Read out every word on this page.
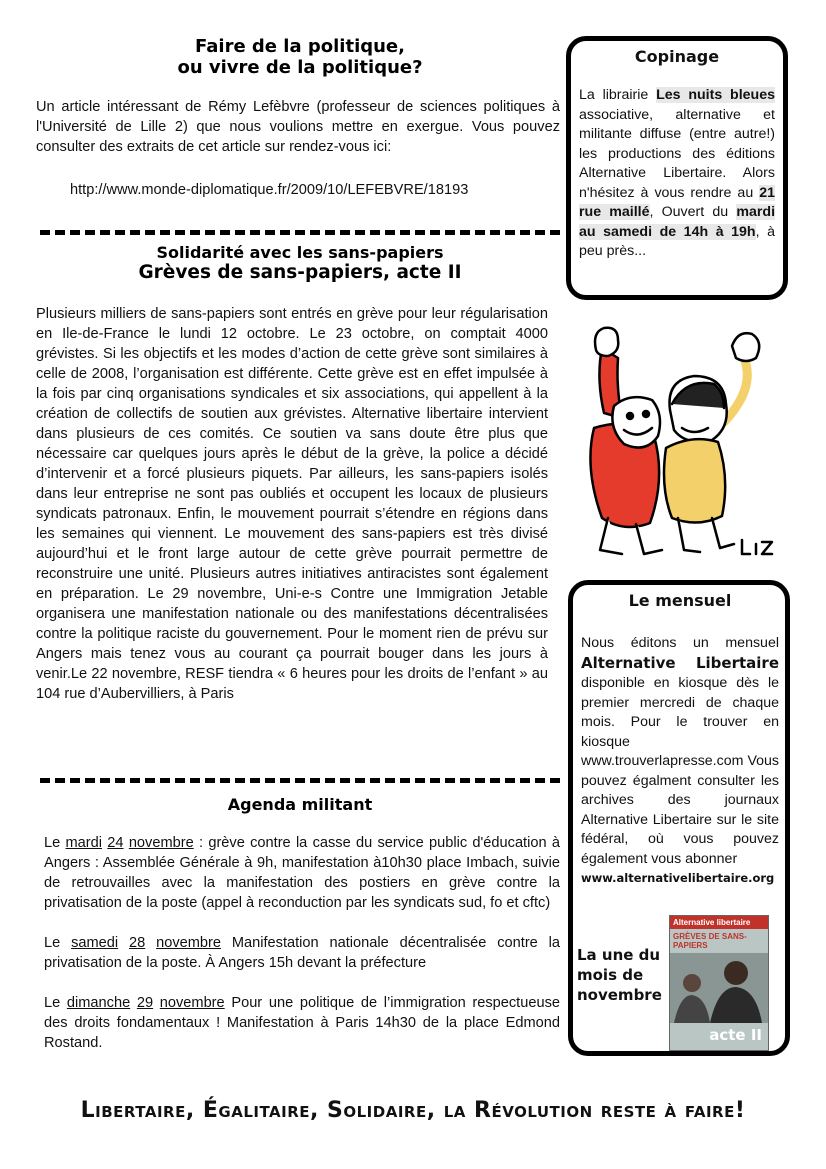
Faire de la politique,
ou vivre de la politique?
Un article intéressant de Rémy Lefèbvre (professeur de sciences politiques à l'Université de Lille 2) que nous voulions mettre en exergue. Vous pouvez consulter des extraits de cet article sur rendez-vous ici:
http://www.monde-diplomatique.fr/2009/10/LEFEBVRE/18193
Solidarité avec les sans-papiers
Grèves de sans-papiers, acte II
Plusieurs milliers de sans-papiers sont entrés en grève pour leur régularisation en Ile-de-France le lundi 12 octobre. Le 23 octobre, on comptait 4000 grévistes. Si les objectifs et les modes d’action de cette grève sont similaires à celle de 2008, l’organisation est différente. Cette grève est en effet impulsée à la fois par cinq organisations syndicales et six associations, qui appellent à la création de collectifs de soutien aux grévistes. Alternative libertaire intervient dans plusieurs de ces comités. Ce soutien va sans doute être plus que nécessaire car quelques jours après le début de la grève, la police a décidé d’intervenir et a forcé plusieurs piquets. Par ailleurs, les sans-papiers isolés dans leur entreprise ne sont pas oubliés et occupent les locaux de plusieurs syndicats patronaux. Enfin, le mouvement pourrait s’étendre en régions dans les semaines qui viennent. Le mouvement des sans-papiers est très divisé aujourd’hui et le front large autour de cette grève pourrait permettre de reconstruire une unité. Plusieurs autres initiatives antiracistes sont également en préparation. Le 29 novembre, Uni-e-s Contre une Immigration Jetable organisera une manifestation nationale ou des manifestations décentralisées contre la politique raciste du gouvernement. Pour le moment rien de prévu sur Angers mais tenez vous au courant ça pourrait bouger dans les jours à venir.Le 22 novembre, RESF tiendra « 6 heures pour les droits de l’enfant » au 104 rue d’Aubervilliers, à Paris
Agenda militant

Le mardi 24 novembre : grève contre la casse du service public d'éducation à Angers : Assemblée Générale à 9h, manifestation à10h30 place Imbach, suivie de retrouvailles avec la manifestation des postiers en grève contre la privatisation de la poste (appel à reconduction par les syndicats sud, fo et cftc)

Le samedi 28 novembre Manifestation nationale décentralisée contre la privatisation de la poste. À Angers 15h devant la préfecture

Le dimanche 29 novembre Pour une politique de l’immigration respectueuse des droits fondamentaux ! Manifestation à Paris 14h30 de la place Edmond Rostand.

Copinage
La librairie Les nuits bleues associative, alternative et militante diffuse (entre autre!) les productions des éditions Alternative Libertaire. Alors n'hésitez à vous rendre au 21 rue maillé, Ouvert du mardi au samedi de 14h à 19h, à peu près...
LIZ
Le mensuel
Nous éditons un mensuel Alternative Libertaire disponible en kiosque dès le premier mercredi de chaque mois. Pour le trouver en kiosque www.trouverlapresse.com Vous pouvez égalment consulter les archives des journaux Alternative Libertaire sur le site fédéral, où vous pouvez également vous abonner
www.alternativelibertaire.org
La une du mois de novembre
Alternative libertaire
GRÈVES DE SANS-PAPIERS
acte II
Libertaire, Égalitaire, Solidaire, la Révolution reste à faire!
